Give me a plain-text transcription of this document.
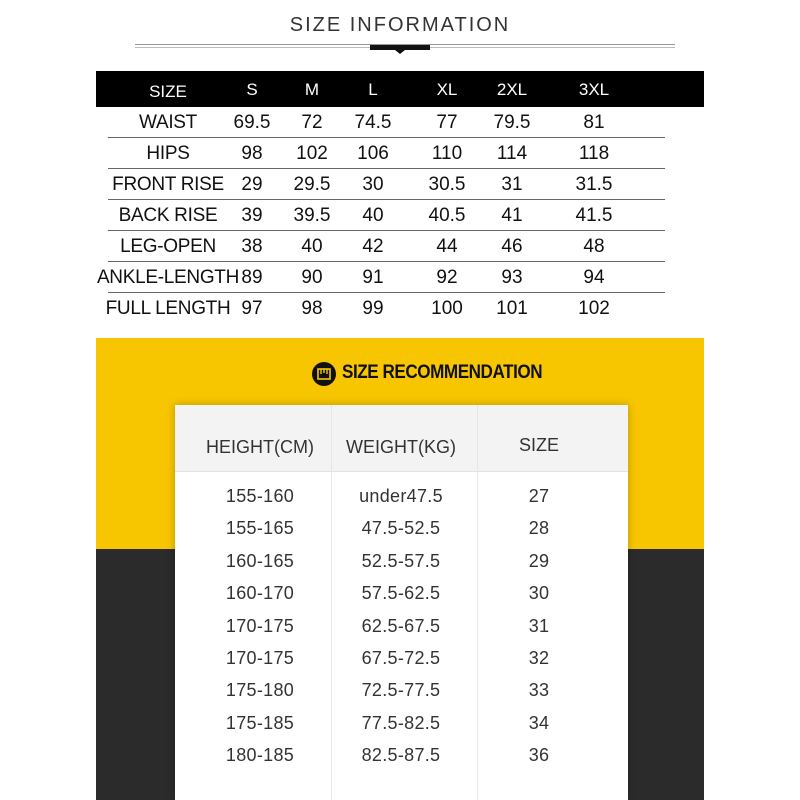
SIZE INFORMATION
SIZE	S	M	L	XL	2XL	3XL
WAIST	69.5	72	74.5	77	79.5	81
HIPS	98	102	106	110	114	118
FRONT RISE 29	29.5	30	30.5	31	31.5
BACK RISE	39	39.5	40	40.5	41	41.5
LEG-OPEN	38	40	42	44	46	48
ANKLE-LENGTH 89	90	91	92	93	94
FULL LENGTH 97	98	99	100	101	102
SIZE RECOMMENDATION
HEIGHT(CM)	WEIGHT(KG)	SIZE
155-160	under47.5	27
155-165	47.5-52.5	28
160-165	52.5-57.5	29
160-170	57.5-62.5	30
170-175	62.5-67.5	31
170-175	67.5-72.5	32
175-180	72.5-77.5	33
175-185	77.5-82.5	34
180-185	82.5-87.5	36
